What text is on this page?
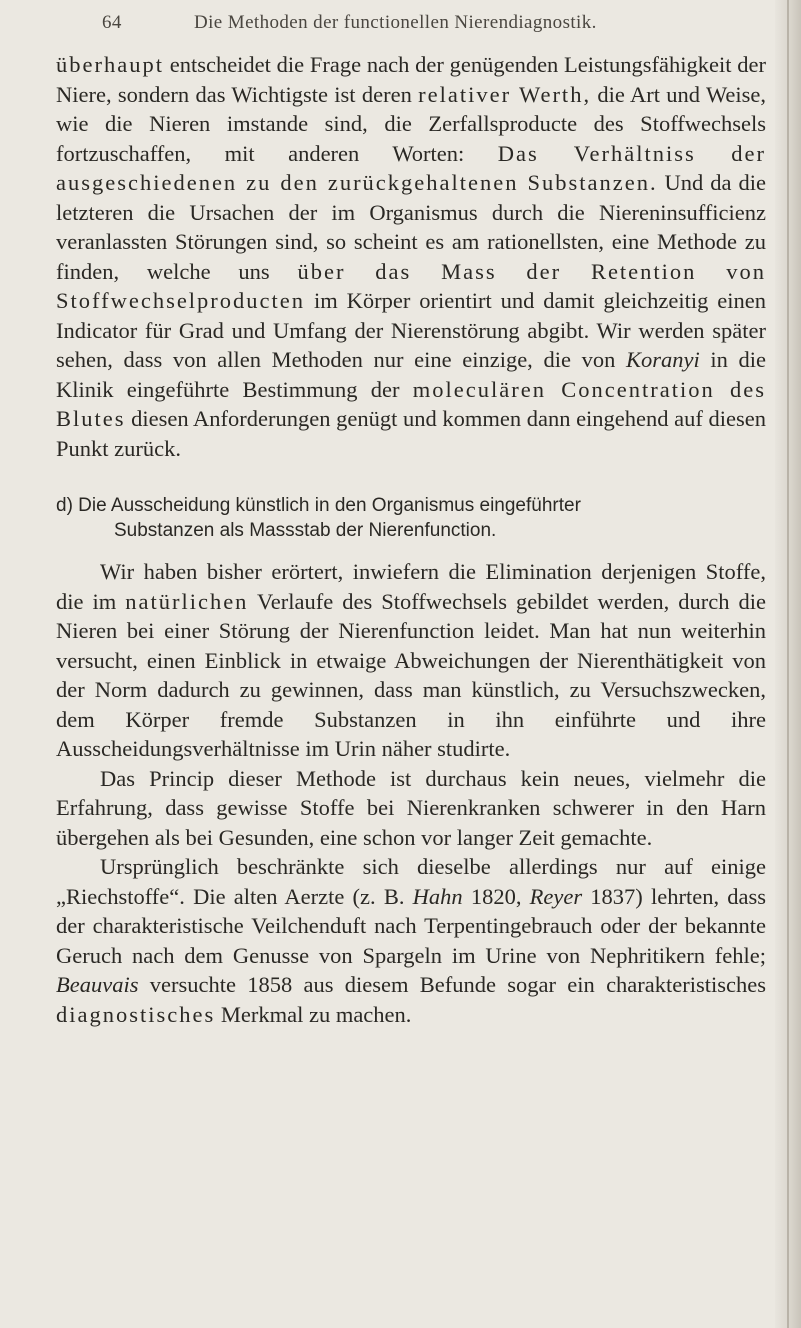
64	Die Methoden der functionellen Nierendiagnostik.

überhaupt entscheidet die Frage nach der genügenden Leistungsfähigkeit der Niere, sondern das Wichtigste ist deren relativer Werth, die Art und Weise, wie die Nieren imstande sind, die Zerfallsproducte des Stoffwechsels fortzuschaffen, mit anderen Worten: Das Verhältniss der ausgeschiedenen zu den zurückgehaltenen Substanzen. Und da die letzteren die Ursachen der im Organismus durch die Niereninsufficienz veranlassten Störungen sind, so scheint es am rationellsten, eine Methode zu finden, welche uns über das Mass der Retention von Stoffwechselproducten im Körper orientirt und damit gleichzeitig einen Indicator für Grad und Umfang der Nierenstörung abgibt. Wir werden später sehen, dass von allen Methoden nur eine einzige, die von Koranyi in die Klinik eingeführte Bestimmung der moleculären Concentration des Blutes diesen Anforderungen genügt und kommen dann eingehend auf diesen Punkt zurück.

d) Die Ausscheidung künstlich in den Organismus eingeführter
Substanzen als Massstab der Nierenfunction.

Wir haben bisher erörtert, inwiefern die Elimination derjenigen Stoffe, die im natürlichen Verlaufe des Stoffwechsels gebildet werden, durch die Nieren bei einer Störung der Nierenfunction leidet. Man hat nun weiterhin versucht, einen Einblick in etwaige Abweichungen der Nierenthätigkeit von der Norm dadurch zu gewinnen, dass man künstlich, zu Versuchszwecken, dem Körper fremde Substanzen in ihn einführte und ihre Ausscheidungsverhältnisse im Urin näher studirte.

Das Princip dieser Methode ist durchaus kein neues, vielmehr die Erfahrung, dass gewisse Stoffe bei Nierenkranken schwerer in den Harn übergehen als bei Gesunden, eine schon vor langer Zeit gemachte.

Ursprünglich beschränkte sich dieselbe allerdings nur auf einige „Riechstoffe“. Die alten Aerzte (z. B. Hahn 1820, Reyer 1837) lehrten, dass der charakteristische Veilchenduft nach Terpentingebrauch oder der bekannte Geruch nach dem Genusse von Spargeln im Urine von Nephritikern fehle; Beauvais versuchte 1858 aus diesem Befunde sogar ein charakteristisches diagnostisches Merkmal zu machen.
